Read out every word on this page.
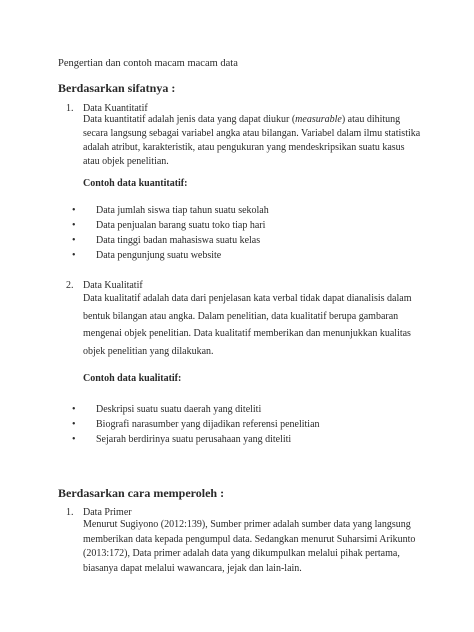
Pengertian dan contoh macam macam data
Berdasarkan sifatnya :
1. Data Kuantitatif

Data kuantitatif adalah jenis data yang dapat diukur (measurable) atau dihitung secara langsung sebagai variabel angka atau bilangan. Variabel dalam ilmu statistika adalah atribut, karakteristik, atau pengukuran yang mendeskripsikan suatu kasus atau objek penelitian.

Contoh data kuantitatif:
•	Data jumlah siswa tiap tahun suatu sekolah
•	Data penjualan barang suatu toko tiap hari
•	Data tinggi badan mahasiswa suatu kelas
•	Data pengunjung suatu website
2. Data Kualitatif

Data kualitatif adalah data dari penjelasan kata verbal tidak dapat dianalisis dalam bentuk bilangan atau angka. Dalam penelitian, data kualitatif berupa gambaran mengenai objek penelitian. Data kualitatif memberikan dan menunjukkan kualitas objek penelitian yang dilakukan.

Contoh data kualitatif:
•	Deskripsi suatu suatu daerah yang diteliti
•	Biografi narasumber yang dijadikan referensi penelitian
•	Sejarah berdirinya suatu perusahaan yang diteliti
Berdasarkan cara memperoleh :
1. Data Primer

Menurut Sugiyono (2012:139), Sumber primer adalah sumber data yang langsung memberikan data kepada pengumpul data. Sedangkan menurut Suharsimi Arikunto (2013:172), Data primer adalah data yang dikumpulkan melalui pihak pertama, biasanya dapat melalui wawancara, jejak dan lain-lain.
